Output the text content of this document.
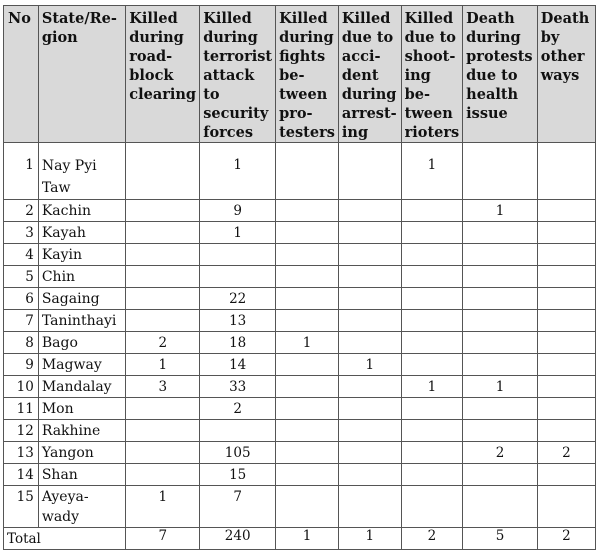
No	State/Re-gion	Killed during road-block clearing	Killed during terrorist attack to security forces	Killed during fights be-tween pro-testers	Killed due to acci-dent during arrest-ing	Killed due to shoot-ing be-tween rioters	Death during protests due to health issue	Death by other ways
1	Nay Pyi Taw		1			1		
2	Kachin		9				1	
3	Kayah		1					
4	Kayin							
5	Chin							
6	Sagaing		22					
7	Taninthayi		13					
8	Bago	2	18	1				
9	Magway	1	14		1			
10	Mandalay	3	33			1	1	
11	Mon		2					
12	Rakhine							
13	Yangon		105				2	2
14	Shan		15					
15	Ayeya-wady	1	7					
Total		7	240	1	1	2	5	2
